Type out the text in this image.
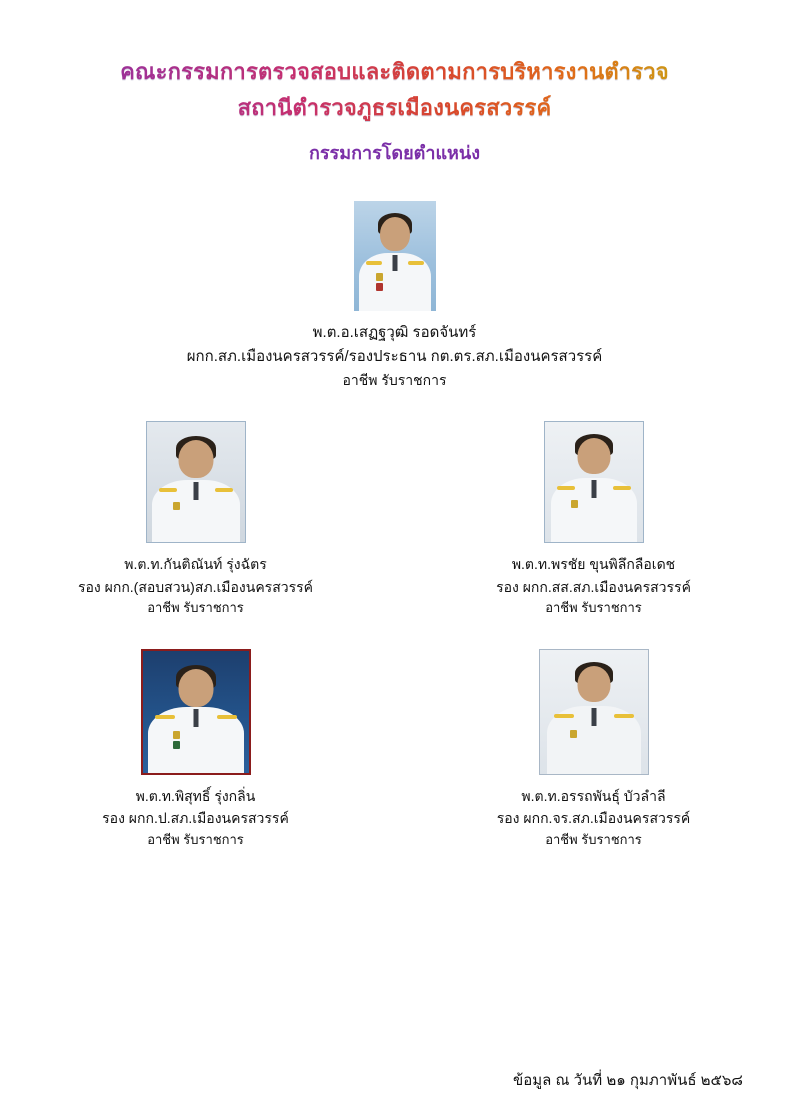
คณะกรรมการตรวจสอบและติดตามการบริหารงานตำรวจ
สถานีตำรวจภูธรเมืองนครสวรรค์
กรรมการโดยตำแหน่ง
พ.ต.อ.เสฏฐวุฒิ รอดจันทร์
ผกก.สภ.เมืองนครสวรรค์/รองประธาน กต.ตร.สภ.เมืองนครสวรรค์
อาชีพ รับราชการ
พ.ต.ท.กันติณันท์ รุ่งฉัตร
รอง ผกก.(สอบสวน)สภ.เมืองนครสวรรค์
อาชีพ รับราชการ
พ.ต.ท.พรชัย ขุนพิลึกลือเดช
รอง ผกก.สส.สภ.เมืองนครสวรรค์
อาชีพ รับราชการ
พ.ต.ท.พิสุทธิ์ รุ่งกลิ่น
รอง ผกก.ป.สภ.เมืองนครสวรรค์
อาชีพ รับราชการ
พ.ต.ท.อรรถพันธุ์ บัวลำลี
รอง ผกก.จร.สภ.เมืองนครสวรรค์
อาชีพ รับราชการ
ข้อมูล ณ วันที่ ๒๑ กุมภาพันธ์ ๒๕๖๘
